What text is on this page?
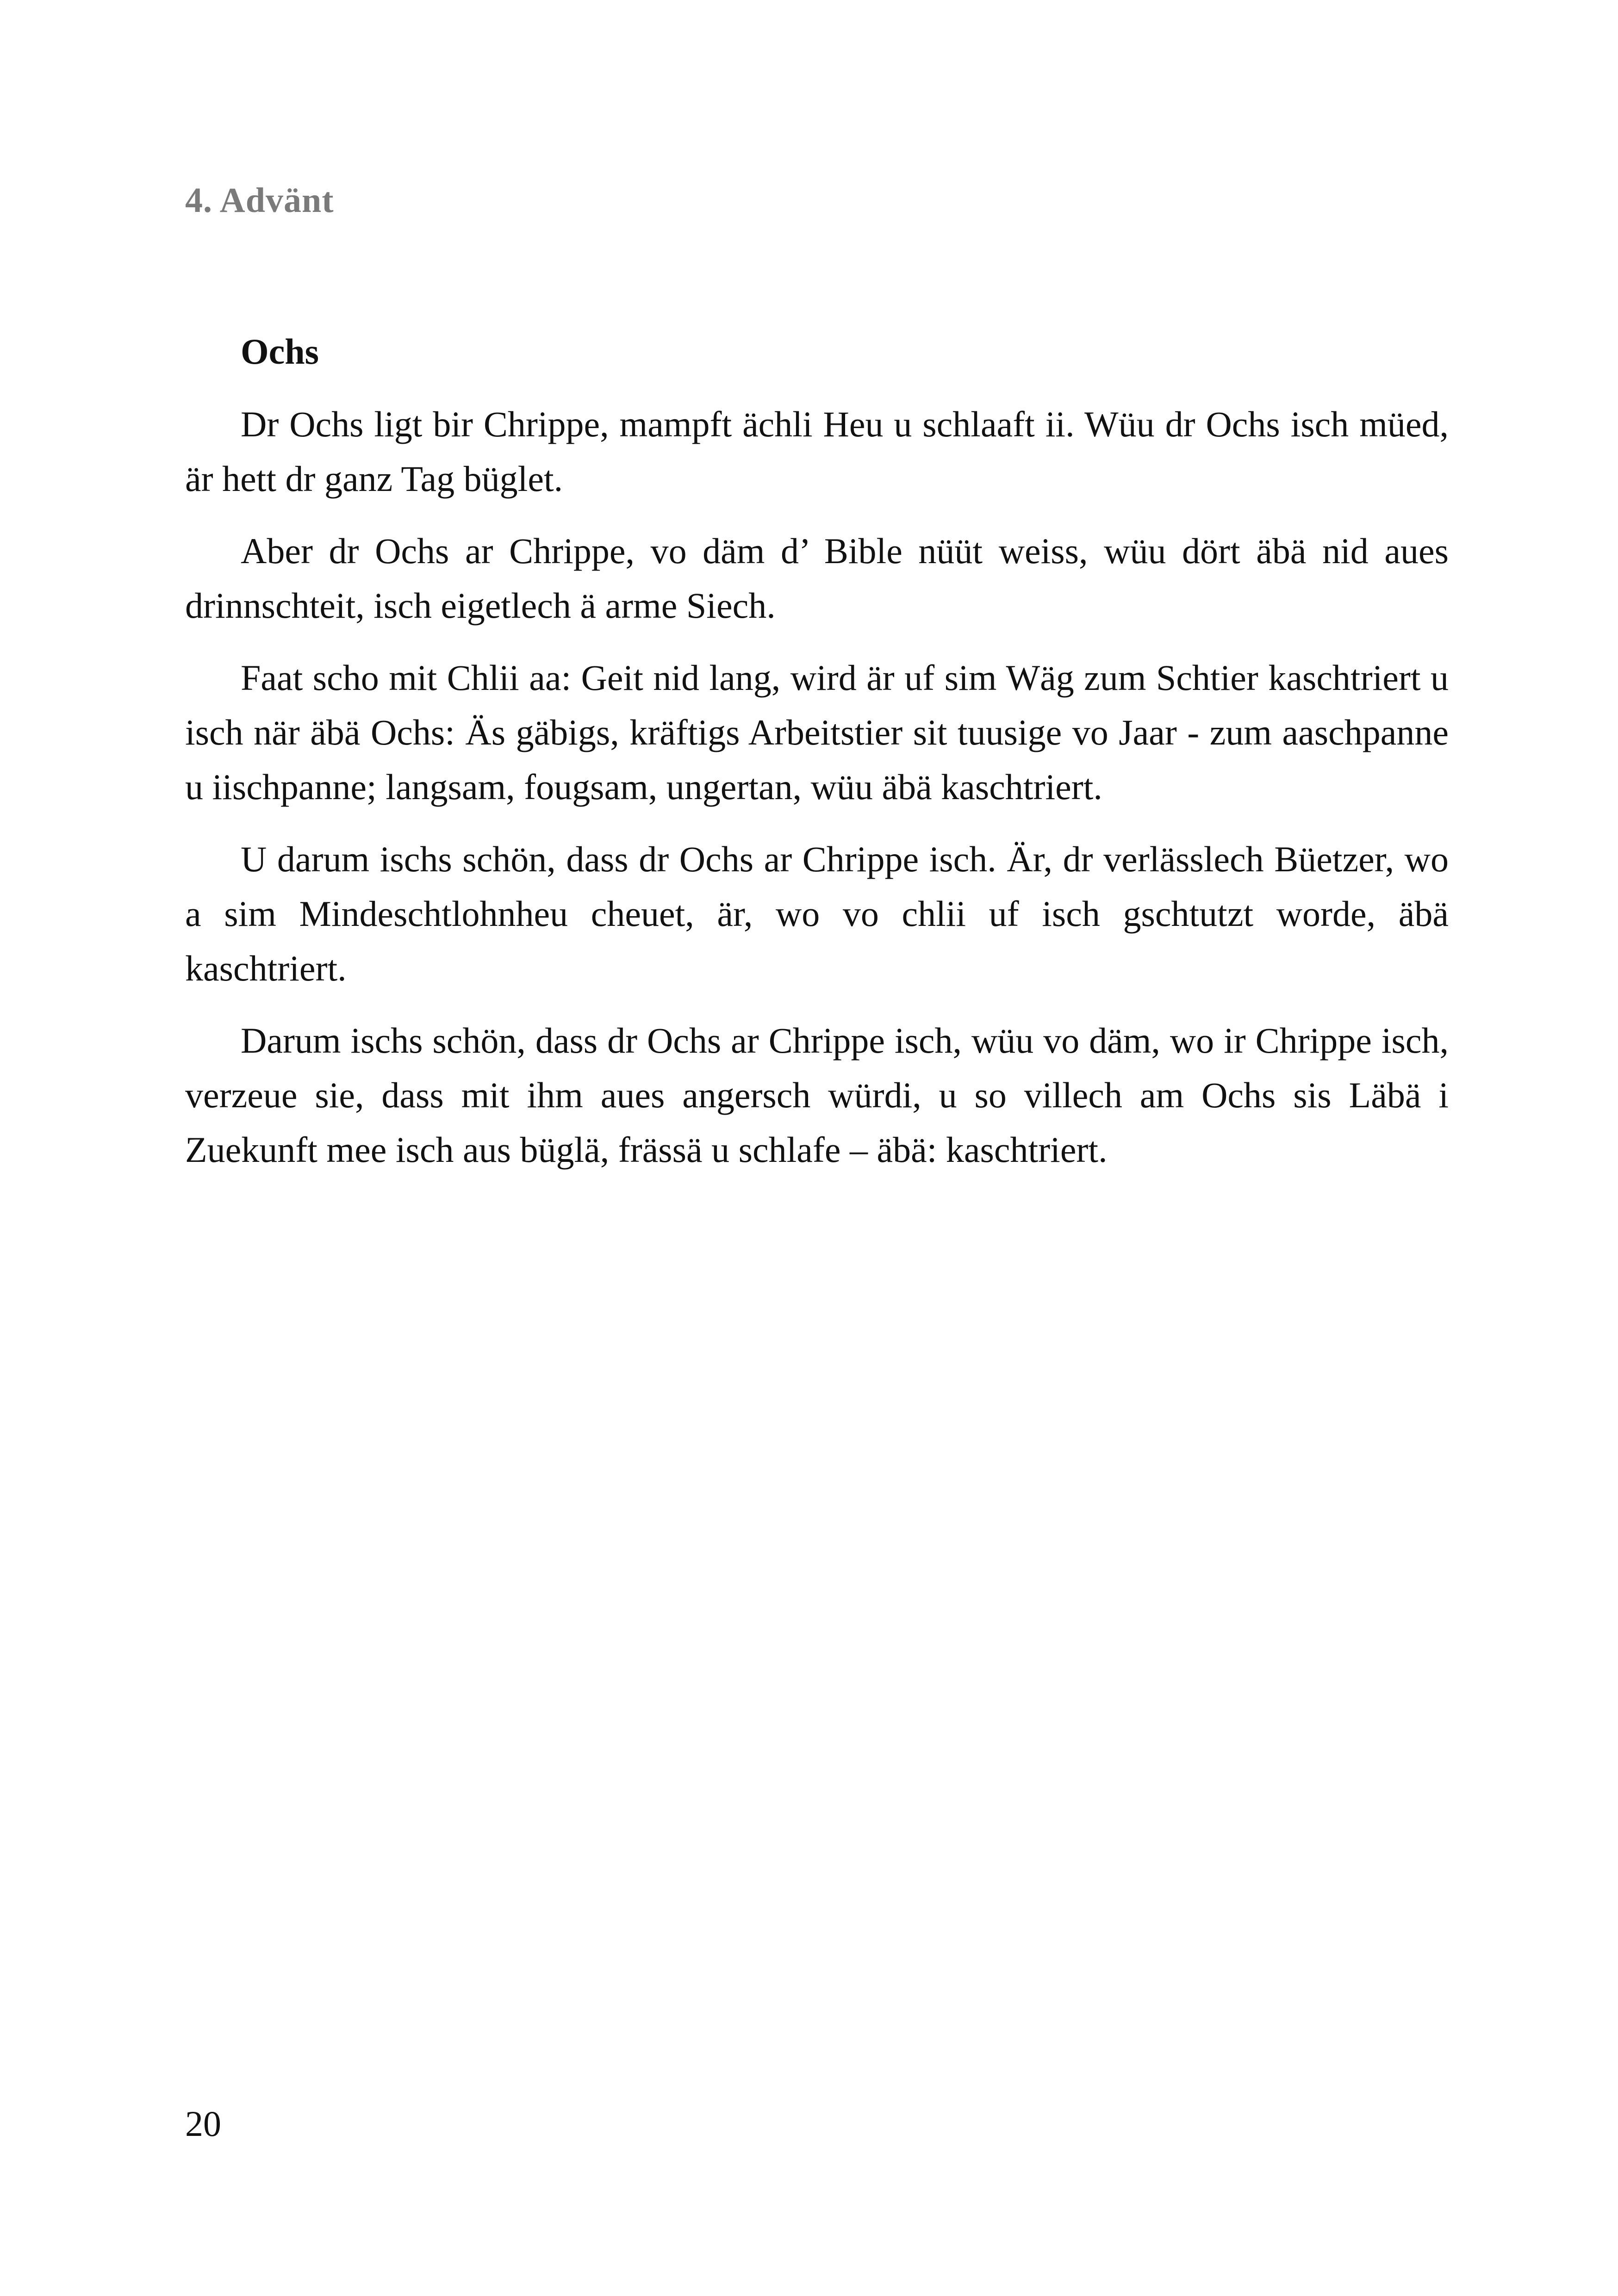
4. Advänt
Ochs

Dr Ochs ligt bir Chrippe, mampft ächli Heu u schlaaft ii. Wüu dr Ochs isch müed, är hett dr ganz Tag büglet.

Aber dr Ochs ar Chrippe, vo däm d’ Bible nüüt weiss, wüu dört äbä nid aues drinnschteit, isch eigetlech ä arme Siech.

Faat scho mit Chlii aa: Geit nid lang, wird är uf sim Wäg zum Schtier kaschtriert u isch när äbä Ochs: Äs gäbigs, kräftigs Arbeitstier sit tuusige vo Jaar - zum aaschpanne u iischpanne; langsam, fougsam, ungertan, wüu äbä kaschtriert.

U darum ischs schön, dass dr Ochs ar Chrippe isch. Är, dr verlässlech Büetzer, wo a sim Mindeschtlohnheu cheuet, är, wo vo chlii uf isch gschtutzt worde, äbä kaschtriert.

Darum ischs schön, dass dr Ochs ar Chrippe isch, wüu vo däm, wo ir Chrippe isch, verzeue sie, dass mit ihm aues angersch würdi, u so villech am Ochs sis Läbä i Zuekunft mee isch aus büglä, frässä u schlafe – äbä: kaschtriert.

20
